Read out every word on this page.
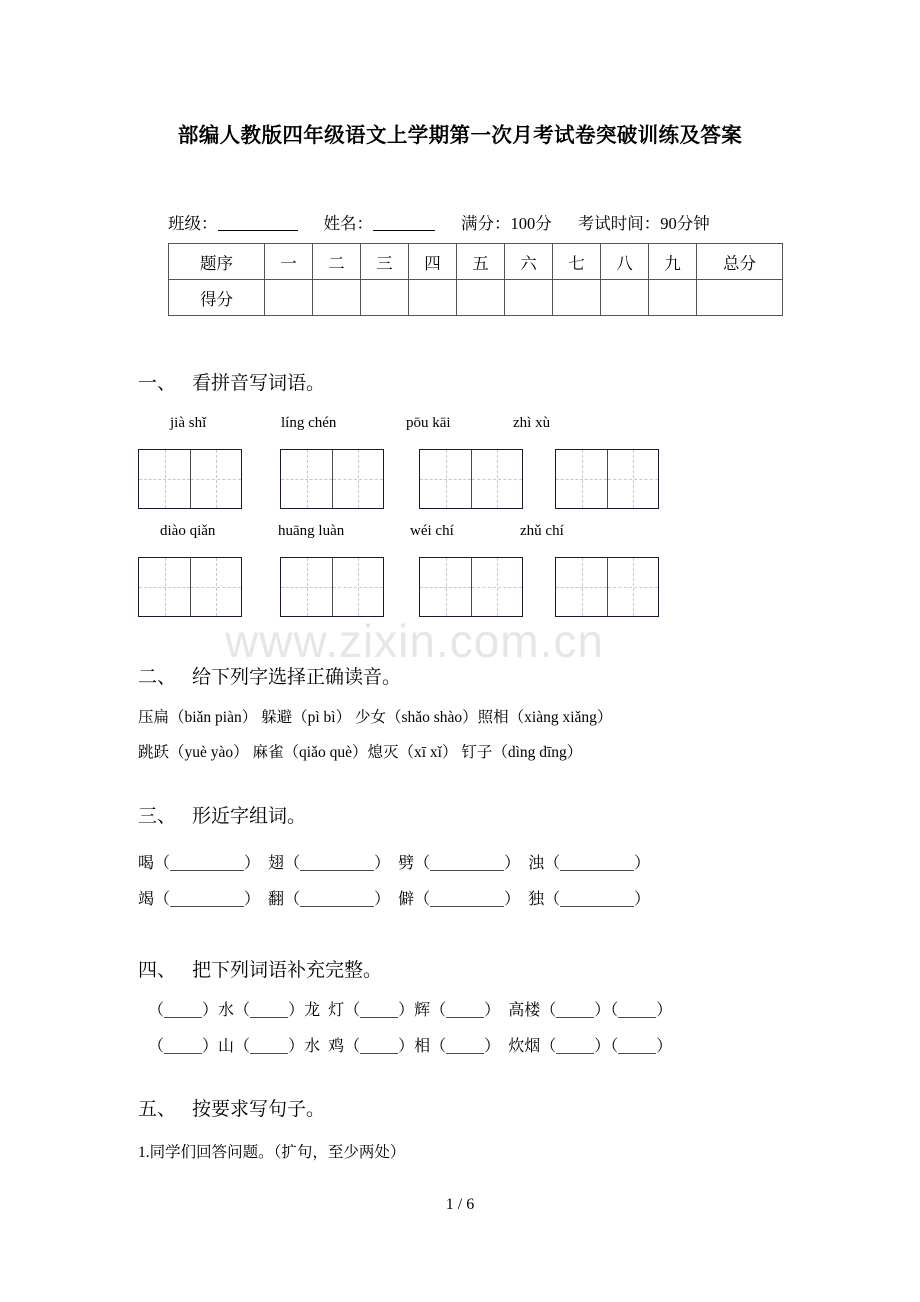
部编人教版四年级语文上学期第一次月考试卷突破训练及答案
班级：	姓名：	满分：100分 考试时间：90分钟
题序	一	二	三	四	五	六	七	八	九	总分
得分										
一、 看拼音写词语。
jià shǐ	líng chén	pōu kāi	zhì xù
diào qiǎn	huāng luàn	wéi chí	zhǔ chí
www.zixin.com.cn
二、 给下列字选择正确读音。
压扁（biǎn piàn） 躲避（pì bì） 少女（shǎo shào）照相（xiàng xiǎng）
跳跃（yuè yào） 麻雀（qiǎo què）熄灭（xī xǐ） 钉子（dìng dīng）
三、 形近字组词。
喝（	）  翅（	）  劈（	）  浊（	）
竭（	）  翻（	）  僻（	）  独（	）
四、 把下列词语补充完整。
（ ）水（ ）龙 灯（ ）辉（ ）  高楼（ ）（ ）
（ ）山（ ）水 鸡（ ）相（ ）  炊烟（ ）（ ）
五、 按要求写句子。
1.同学们回答问题。（扩句，至少两处）
1 / 6
